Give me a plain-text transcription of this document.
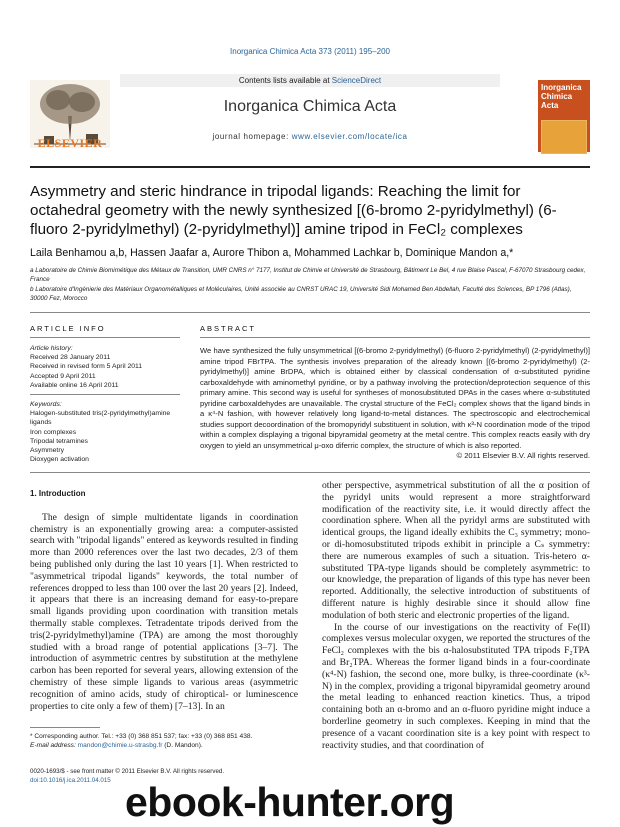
Inorganica Chimica Acta 373 (2011) 195–200
ELSEVIER
Contents lists available at ScienceDirect
Inorganica Chimica Acta
journal homepage: www.elsevier.com/locate/ica
Inorganica Chimica Acta
Asymmetry and steric hindrance in tripodal ligands: Reaching the limit for octahedral geometry with the newly synthesized [(6-bromo 2-pyridylmethyl) (6-fluoro 2-pyridylmethyl) (2-pyridylmethyl)] amine tripod in FeCl₂ complexes
Laila Benhamou a,b, Hassen Jaafar a, Aurore Thibon a, Mohammed Lachkar b, Dominique Mandon a,*
a Laboratoire de Chimie Biomimétique des Métaux de Transition, UMR CNRS n° 7177, Institut de Chimie et Université de Strasbourg, Bâtiment Le Bel, 4 rue Blaise Pascal, F-67070 Strasbourg cedex, France
b Laboratoire d'Ingénierie des Matériaux Organométalliques et Moléculaires, Unité associée au CNRST URAC 19, Université Sidi Mohamed Ben Abdellah, Faculté des Sciences, BP 1796 (Atlas), 30000 Fez, Morocco
ARTICLE INFO	ABSTRACT
Article history:
Received 28 January 2011
Received in revised form 5 April 2011
Accepted 9 April 2011
Available online 16 April 2011
Keywords:
Halogen-substituted tris(2-pyridylmethyl)amine ligands
Iron complexes
Tripodal tetramines
Asymmetry
Dioxygen activation
We have synthesized the fully unsymmetrical [(6-bromo 2-pyridylmethyl) (6-fluoro 2-pyridylmethyl) (2-pyridylmethyl)] amine tripod FBrTPA. The synthesis involves preparation of the already known [(6-bromo 2-pyridylmethyl) (2-pyridylmethyl)] amine BrDPA, which is obtained either by classical condensation of α-substituted pyridine carboxaldehyde with aminomethyl pyridine, or by a pathway involving the protection/deprotection sequence of this primary amine. This second way is useful for syntheses of monosubstituted DPAs in the cases where α-substituted pyridine carboxaldehydes are unavailable. The crystal structure of the FeCl₂ complex shows that the ligand binds in a κ⁴-N fashion, with however relatively long ligand-to-metal distances. The spectroscopic and electrochemical studies support decoordination of the bromopyridyl substituent in solution, with κ³-N coordination mode of the tripod within a complex displaying a trigonal bipyramidal geometry at the metal centre. This complex reacts easily with dry oxygen to yield an unsymmetrical μ-oxo diferric complex, the structure of which is also reported.
© 2011 Elsevier B.V. All rights reserved.
1. Introduction

The design of simple multidentate ligands in coordination chemistry is an exponentially growing area: a computer-assisted search with "tripodal ligands" entered as keywords resulted in finding more than 2000 references over the last two decades, 2/3 of them being published only during the last 10 years [1]. When restricted to "asymmetrical tripodal ligands" keywords, the total number of references dropped to less than 100 over the last 20 years [2]. Indeed, it appears that there is an increasing demand for easy-to-prepare small ligands providing upon coordination with transition metals thermally stable complexes. Tetradentate tripods derived from the tris(2-pyridylmethyl)amine (TPA) are among the most thoroughly studied with a broad range of potential applications [3–7]. The introduction of asymmetric centres by substitution at the methylene carbon has been reported for several years, allowing extension of the chemistry of these simple ligands to various areas (asymmetric recognition of amino acids, study of chiroptical- or luminescence properties to cite only a few of them) [7–13]. In an

other perspective, asymmetrical substitution of all the α position of the pyridyl units would represent a more straightforward modification of the reactivity site, i.e. it would directly affect the coordination sphere. When all the pyridyl arms are substituted with identical groups, the ligand ideally exhibits the C₃ symmetry; mono- or di-homosubstituted tripods exhibit in principle a Cₛ symmetry: there are numerous examples of such a situation. Tris-hetero α-substituted TPA-type ligands should be completely asymmetric: to our knowledge, the preparation of ligands of this type has never been reported. Additionally, the selective introduction of substituents of different nature is highly desirable since it should allow fine modulation of both steric and electronic properties of the ligand.

In the course of our investigations on the reactivity of Fe(II) complexes versus molecular oxygen, we reported the structures of the FeCl₂ complexes with the bis α-halosubstituted TPA tripods F₂TPA and Br₂TPA. Whereas the former ligand binds in a four-coordinate (κ⁴-N) fashion, the second one, more bulky, is three-coordinate (κ³-N) in the complex, providing a trigonal bipyramidal geometry around the metal leading to enhanced reaction kinetics. Thus, a tripod containing both an α-bromo and an α-fluoro pyridine might induce a borderline geometry in such complexes. Keeping in mind that the presence of a vacant coordination site is a key point with respect to reactivity studies, and that coordination of

* Corresponding author. Tel.: +33 (0) 368 851 537; fax: +33 (0) 368 851 438.
E-mail address: mandon@chimie.u-strasbg.fr (D. Mandon).
0020-1693/$ - see front matter © 2011 Elsevier B.V. All rights reserved.
doi:10.1016/j.ica.2011.04.015 ebook-hunter.org
